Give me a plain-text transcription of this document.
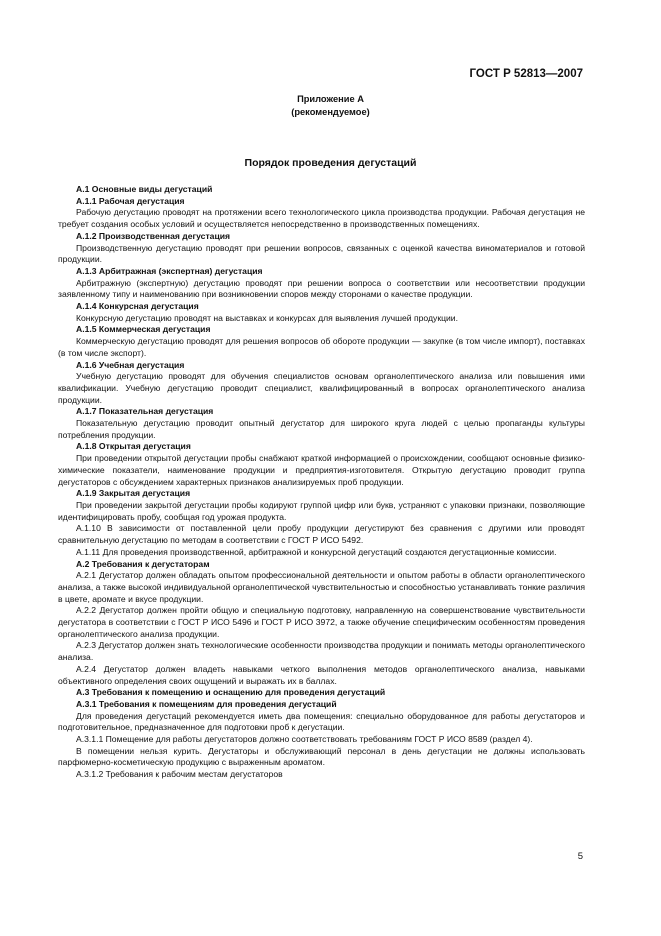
ГОСТ Р 52813—2007
Приложение А
(рекомендуемое)
Порядок проведения дегустаций

А.1 Основные виды дегустаций

А.1.1 Рабочая дегустация

Рабочую дегустацию проводят на протяжении всего технологического цикла производства продукции. Рабочая дегустация не требует создания особых условий и осуществляется непосредственно в производственных помещениях.

А.1.2 Производственная дегустация

Производственную дегустацию проводят при решении вопросов, связанных с оценкой качества виноматериалов и готовой продукции.

А.1.3 Арбитражная (экспертная) дегустация

Арбитражную (экспертную) дегустацию проводят при решении вопроса о соответствии или несоответствии продукции заявленному типу и наименованию при возникновении споров между сторонами о качестве продукции.

А.1.4 Конкурсная дегустация

Конкурсную дегустацию проводят на выставках и конкурсах для выявления лучшей продукции.

А.1.5 Коммерческая дегустация

Коммерческую дегустацию проводят для решения вопросов об обороте продукции — закупке (в том числе импорт), поставках (в том числе экспорт).

А.1.6 Учебная дегустация

Учебную дегустацию проводят для обучения специалистов основам органолептического анализа или повышения ими квалификации. Учебную дегустацию проводит специалист, квалифицированный в вопросах органолептического анализа продукции.

А.1.7 Показательная дегустация

Показательную дегустацию проводит опытный дегустатор для широкого круга людей с целью пропаганды культуры потребления продукции.

А.1.8 Открытая дегустация

При проведении открытой дегустации пробы снабжают краткой информацией о происхождении, сообщают основные физико-химические показатели, наименование продукции и предприятия-изготовителя. Открытую дегустацию проводит группа дегустаторов с обсуждением характерных признаков анализируемых проб продукции.

А.1.9 Закрытая дегустация

При проведении закрытой дегустации пробы кодируют группой цифр или букв, устраняют с упаковки признаки, позволяющие идентифицировать пробу, сообщая год урожая продукта.

А.1.10 В зависимости от поставленной цели пробу продукции дегустируют без сравнения с другими или проводят сравнительную дегустацию по методам в соответствии с ГОСТ Р ИСО 5492.

А.1.11 Для проведения производственной, арбитражной и конкурсной дегустаций создаются дегустационные комиссии.

А.2 Требования к дегустаторам

А.2.1 Дегустатор должен обладать опытом профессиональной деятельности и опытом работы в области органолептического анализа, а также высокой индивидуальной органолептической чувствительностью и способностью устанавливать тонкие различия в цвете, аромате и вкусе продукции.

А.2.2 Дегустатор должен пройти общую и специальную подготовку, направленную на совершенствование чувствительности дегустатора в соответствии с ГОСТ Р ИСО 5496 и ГОСТ Р ИСО 3972, а также обучение специфическим особенностям проведения органолептического анализа продукции.

А.2.3 Дегустатор должен знать технологические особенности производства продукции и понимать методы органолептического анализа.

А.2.4 Дегустатор должен владеть навыками четкого выполнения методов органолептического анализа, навыками объективного определения своих ощущений и выражать их в баллах.

А.3 Требования к помещению и оснащению для проведения дегустаций

А.3.1 Требования к помещениям для проведения дегустаций

Для проведения дегустаций рекомендуется иметь два помещения: специально оборудованное для работы дегустаторов и подготовительное, предназначенное для подготовки проб к дегустации.

А.3.1.1 Помещение для работы дегустаторов должно соответствовать требованиям ГОСТ Р ИСО 8589 (раздел 4).

В помещении нельзя курить. Дегустаторы и обслуживающий персонал в день дегустации не должны использовать парфюмерно-косметическую продукцию с выраженным ароматом.

А.3.1.2 Требования к рабочим местам дегустаторов

5
